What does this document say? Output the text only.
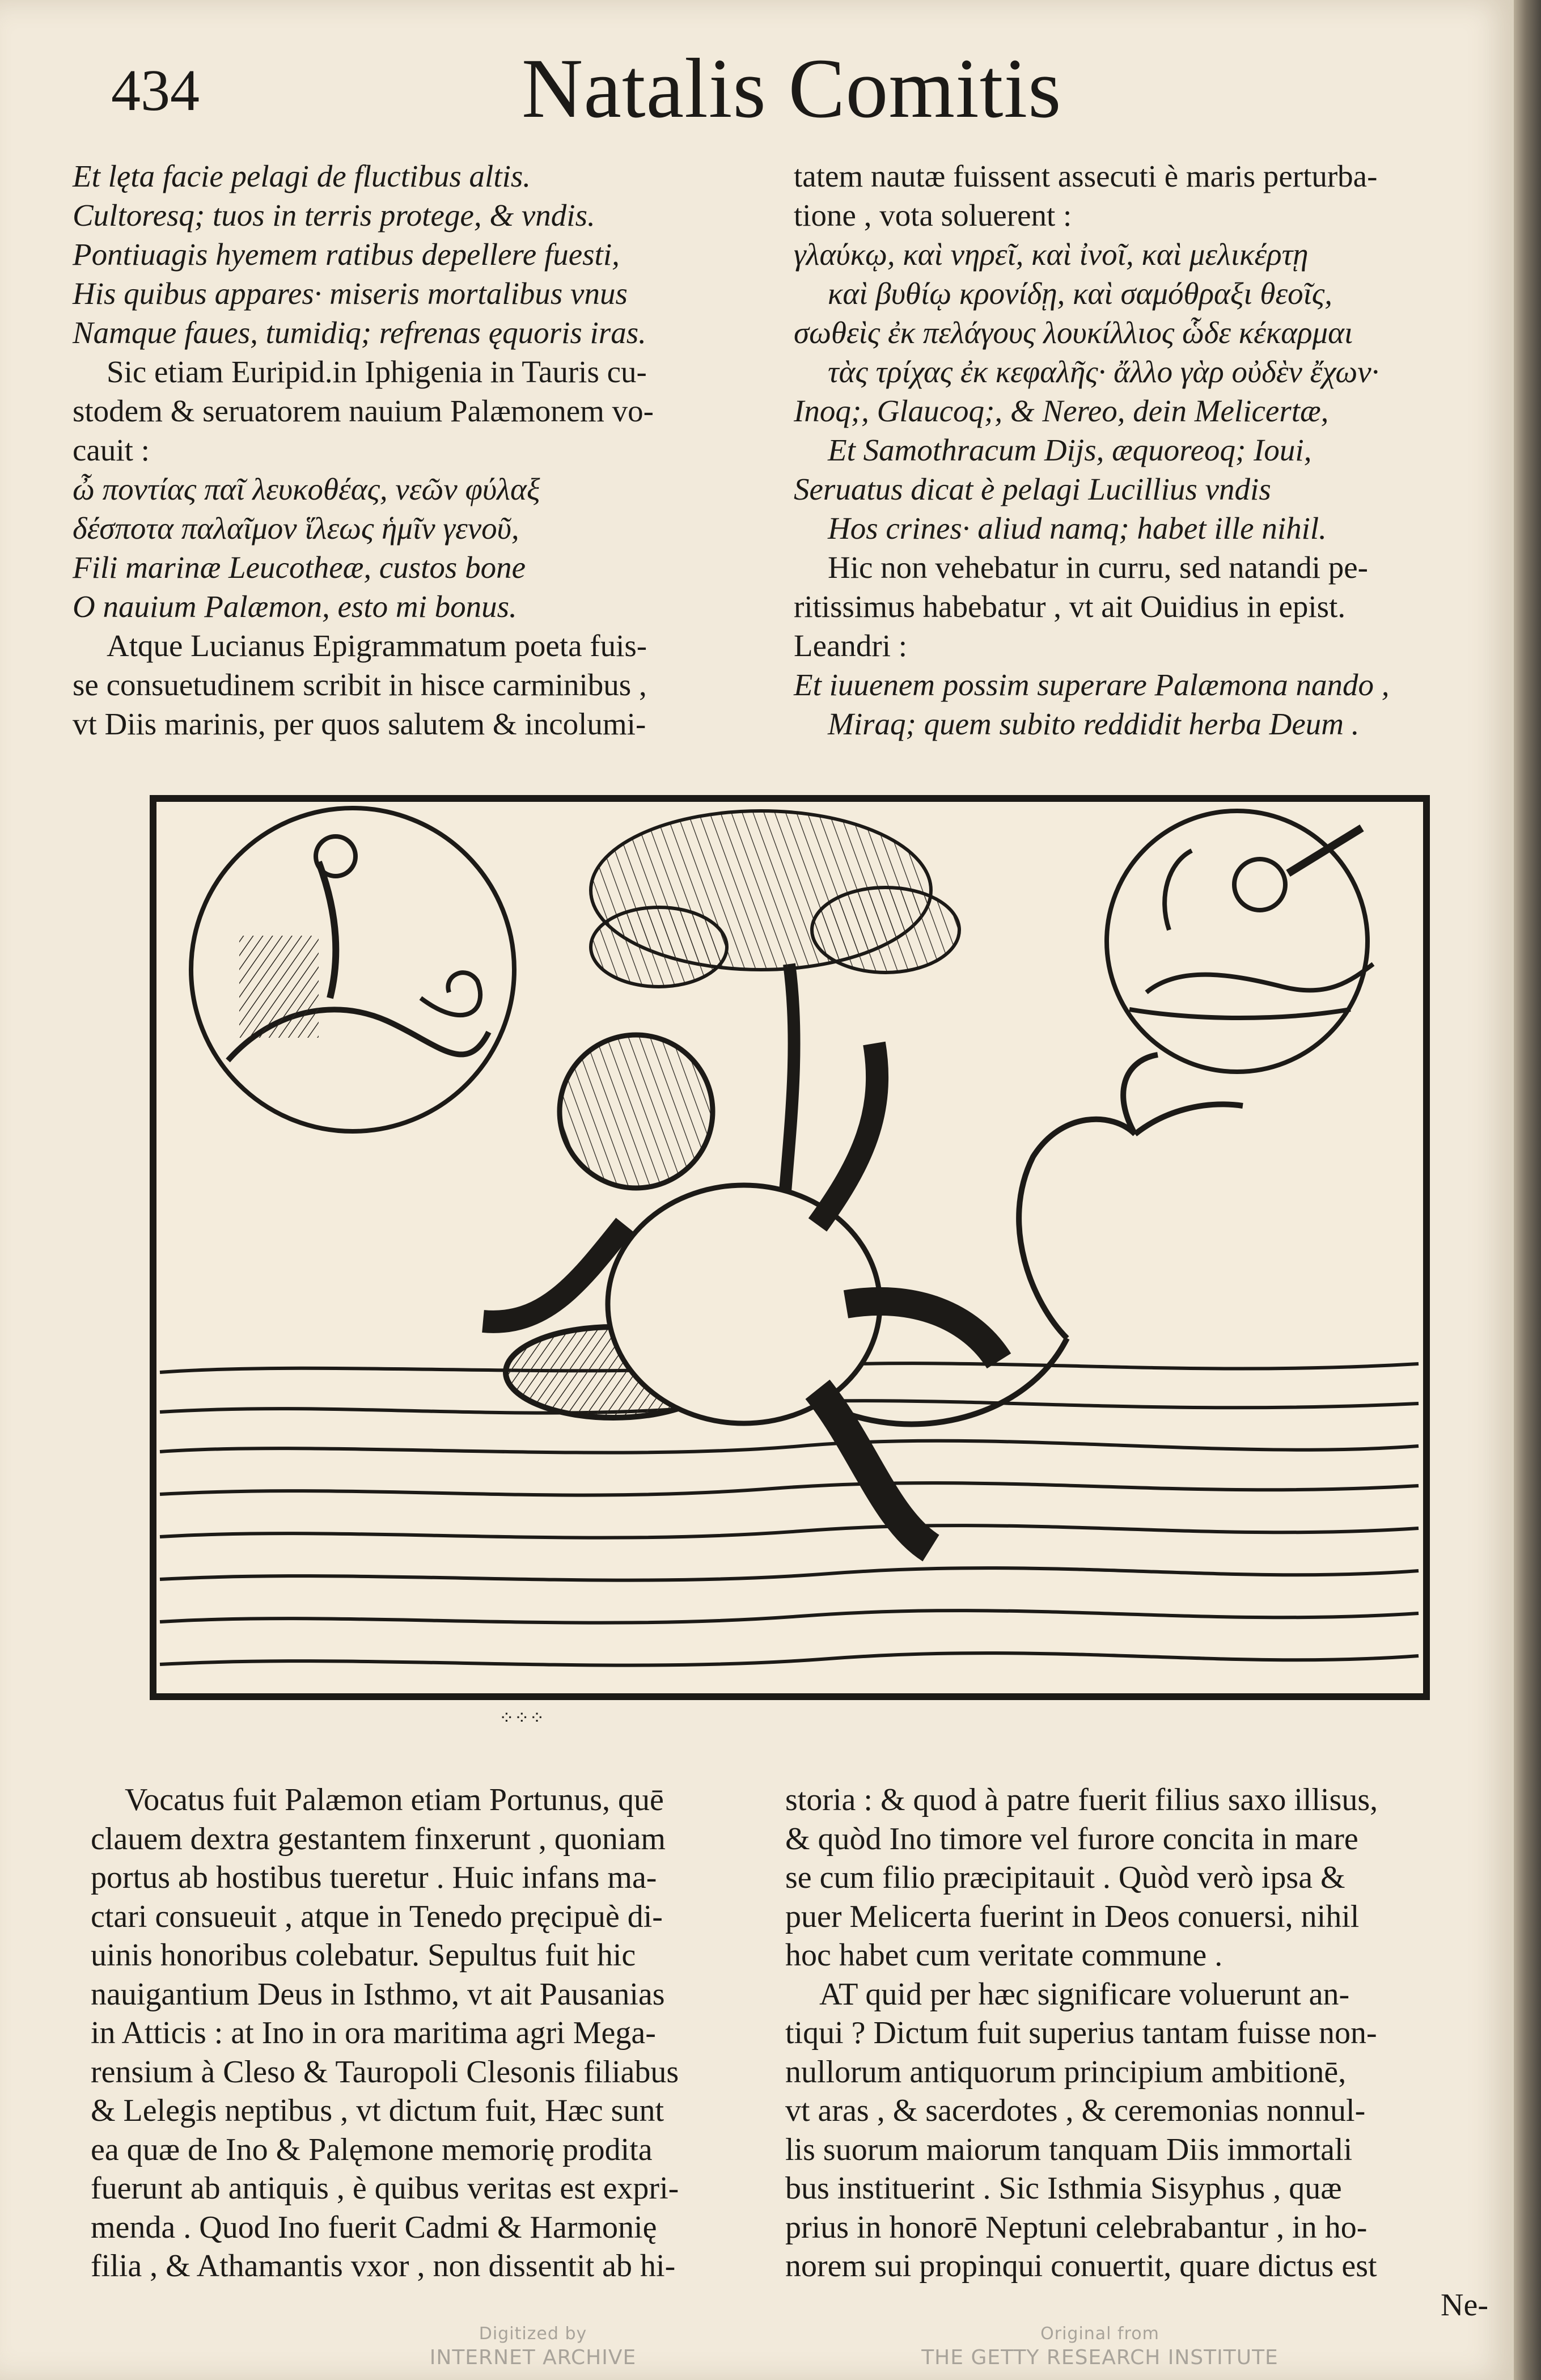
434	Natalis Comitis
Et lęta facie pelagi de fluctibus altis.
Cultoresq; tuos in terris protege, & vndis.
Pontiuagis hyemem ratibus depellere fuesti,
His quibus appares· miseris mortalibus vnus
Namque faues, tumidiq; refrenas ęquoris iras.
Sic etiam Euripid.in Iphigenia in Tauris cu-
stodem & seruatorem nauium Palæmonem vo-
cauit :
ὦ ποντίας παῖ λευκοθέας, νεῶν φύλαξ
δέσποτα παλαῖμον ἵλεως ἡμῖν γενοῦ,
Fili marinæ Leucotheæ, custos bone
O nauium Palæmon, esto mi bonus.
Atque Lucianus Epigrammatum poeta fuis-
se consuetudinem scribit in hisce carminibus ,
vt Diis marinis, per quos salutem & incolumi-
tatem nautæ fuissent assecuti è maris perturba-
tione , vota soluerent :
γλαύκῳ, καὶ νηρεῖ, καὶ ἰνοῖ, καὶ μελικέρτῃ
καὶ βυθίῳ κρονίδῃ, καὶ σαμόθραξι θεοῖς,
σωθεὶς ἐκ πελάγους λουκίλλιος ὧδε κέκαρμαι
τὰς τρίχας ἐκ κεφαλῆς· ἄλλο γὰρ οὐδὲν ἔχων·
Inoq;, Glaucoq;, & Nereo, dein Melicertæ,
Et Samothracum Dijs, æquoreoq; Ioui,
Seruatus dicat è pelagi Lucillius vndis
Hos crines· aliud namq; habet ille nihil.
Hic non vehebatur in curru, sed natandi pe-
ritissimus habebatur , vt ait Ouidius in epist.
Leandri :
Et iuuenem possim superare Palæmona nando ,
Miraq; quem subito reddidit herba Deum .
⁘⁘⁘
Vocatus fuit Palæmon etiam Portunus, quē
clauem dextra gestantem finxerunt , quoniam
portus ab hostibus tueretur . Huic infans ma-
ctari consueuit , atque in Tenedo pręcipuè di-
uinis honoribus colebatur. Sepultus fuit hic
nauigantium Deus in Isthmo, vt ait Pausanias
in Atticis : at Ino in ora maritima agri Mega-
rensium à Cleso & Tauropoli Clesonis filiabus
& Lelegis neptibus , vt dictum fuit, Hæc sunt
ea quæ de Ino & Palęmone memorię prodita
fuerunt ab antiquis , è quibus veritas est expri-
menda . Quod Ino fuerit Cadmi & Harmonię
filia , & Athamantis vxor , non dissentit ab hi-
storia : & quod à patre fuerit filius saxo illisus,
& quòd Ino timore vel furore concita in mare
se cum filio præcipitauit . Quòd verò ipsa &
puer Melicerta fuerint in Deos conuersi, nihil
hoc habet cum veritate commune .
AT quid per hæc significare voluerunt an-
tiqui ? Dictum fuit superius tantam fuisse non-
nullorum antiquorum principium ambitionē,
vt aras , & sacerdotes , & ceremonias nonnul-
lis suorum maiorum tanquam Diis immortali
bus instituerint . Sic Isthmia Sisyphus , quæ
prius in honorē Neptuni celebrabantur , in ho-
norem sui propinqui conuertit, quare dictus est
Ne-
Digitized by
INTERNET ARCHIVE
Original from
THE GETTY RESEARCH INSTITUTE
